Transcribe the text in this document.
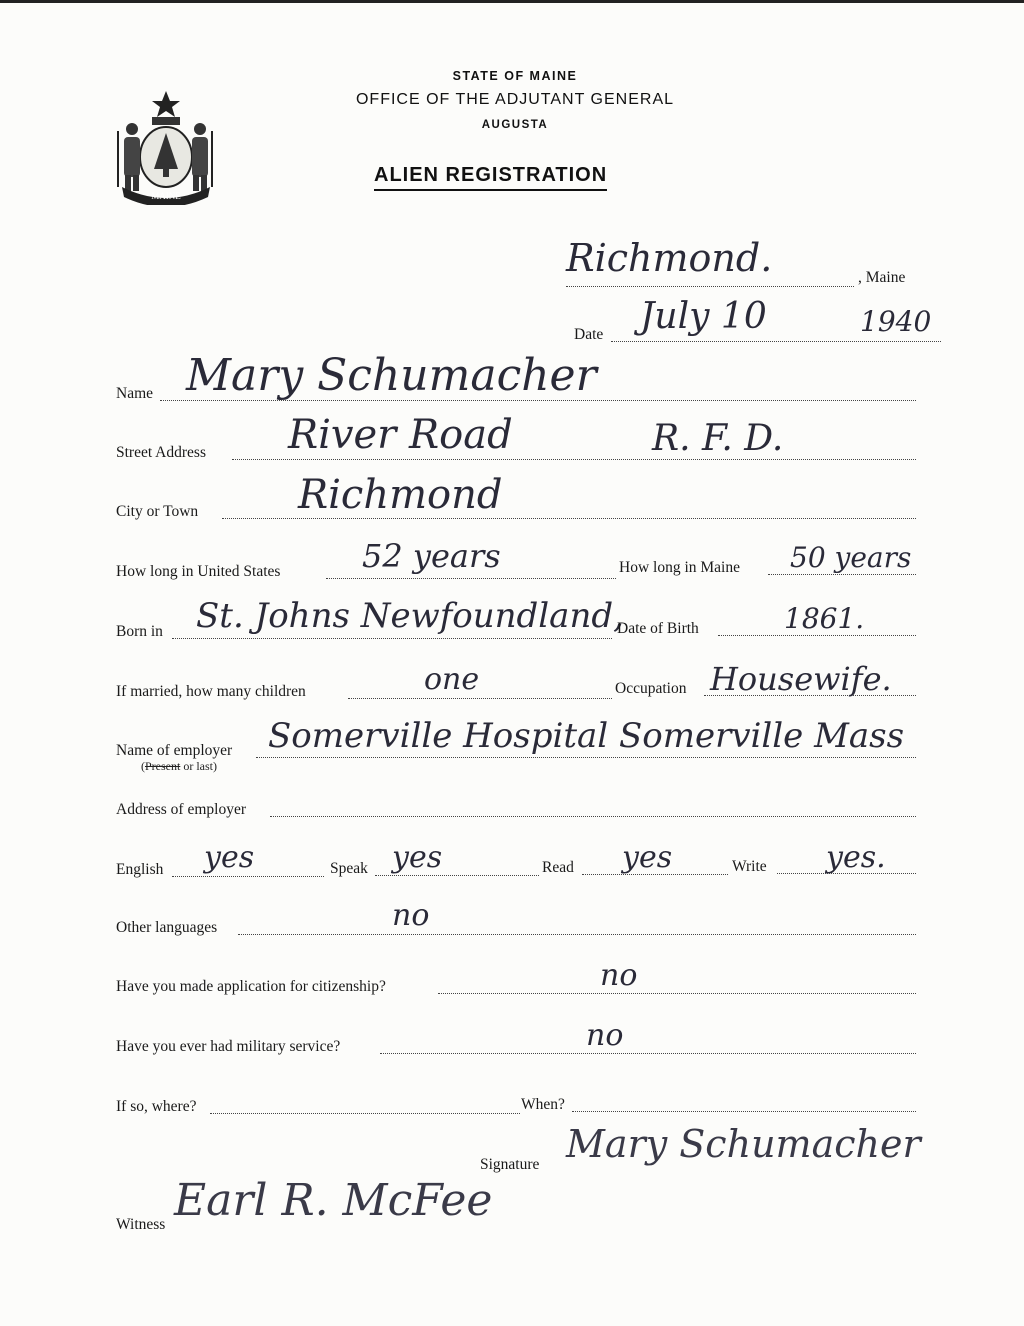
MAINE
STATE OF MAINE
OFFICE OF THE ADJUTANT GENERAL
AUGUSTA
ALIEN REGISTRATION
Richmond.	, Maine
Date July 10	1940
Name Mary Schumacher
Street Address River Road	R. F. D.
City or Town Richmond
How long in United States	52 years	How long in Maine 50 years
Born in St. Johns Newfoundland,
Date of Birth	1861.
If married, how many children	one	Occupation Housewife.
Name of employer
(Present or last)
Somerville Hospital Somerville Mass
Address of employer
English yes	Speak yes	Read yes	Write yes.
Other languages	no
Have you made application for citizenship?	no
Have you ever had military service?	no
If so, where?	When?
Signature Mary Schumacher
Witness Earl R. McFee
